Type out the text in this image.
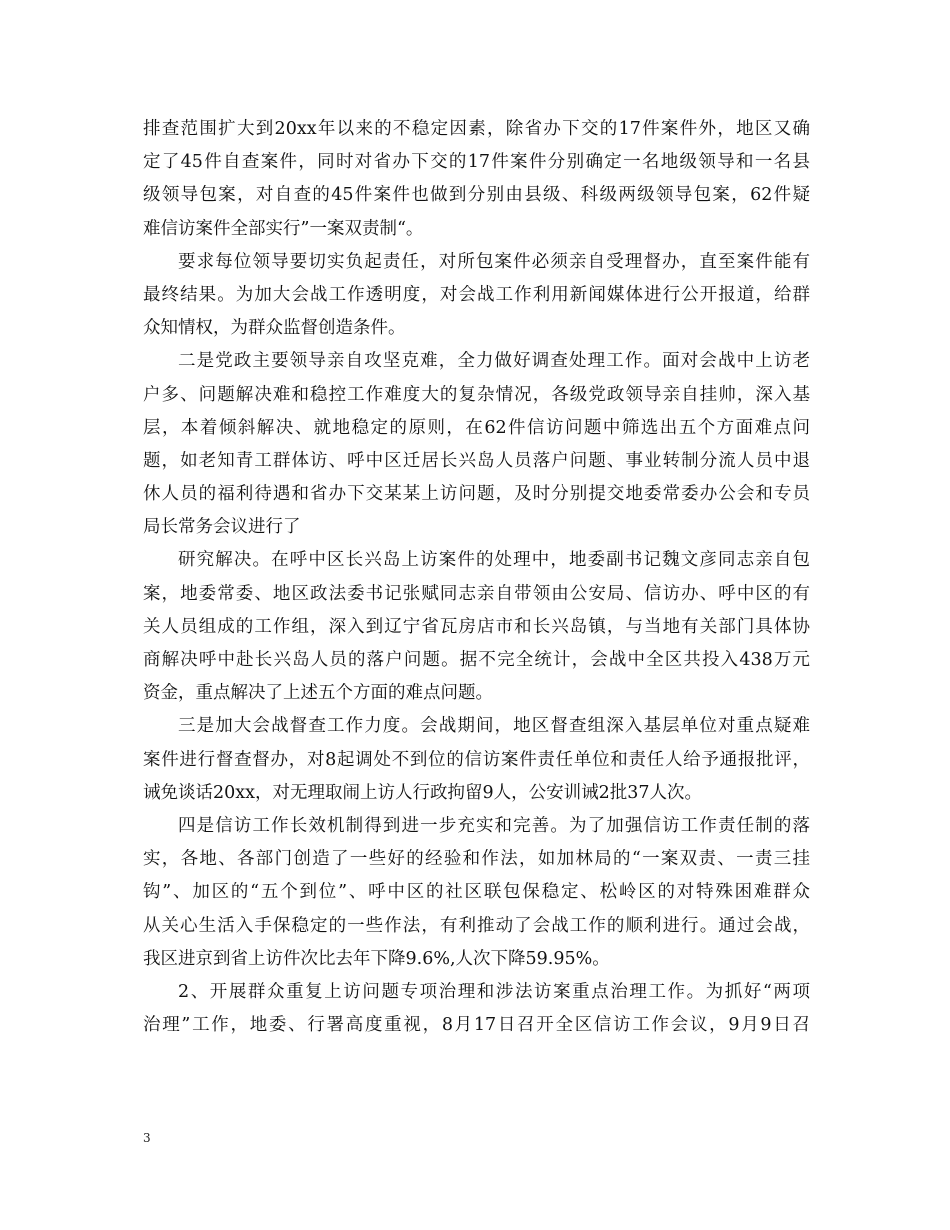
排查范围扩大到20xx年以来的不稳定因素，除省办下交的17件案件外，地区又确
定了45件自查案件，同时对省办下交的17件案件分别确定一名地级领导和一名县
级领导包案，对自查的45件案件也做到分别由县级、科级两级领导包案，62件疑
难信访案件全部实行”一案双责制“。
要求每位领导要切实负起责任，对所包案件必须亲自受理督办，直至案件能有
最终结果。为加大会战工作透明度，对会战工作利用新闻媒体进行公开报道，给群
众知情权，为群众监督创造条件。
二是党政主要领导亲自攻坚克难，全力做好调查处理工作。面对会战中上访老
户多、问题解决难和稳控工作难度大的复杂情况，各级党政领导亲自挂帅，深入基
层，本着倾斜解决、就地稳定的原则，在62件信访问题中筛选出五个方面难点问
题，如老知青工群体访、呼中区迁居长兴岛人员落户问题、事业转制分流人员中退
休人员的福利待遇和省办下交某某上访问题，及时分别提交地委常委办公会和专员
局长常务会议进行了
研究解决。在呼中区长兴岛上访案件的处理中，地委副书记魏文彦同志亲自包
案，地委常委、地区政法委书记张赋同志亲自带领由公安局、信访办、呼中区的有
关人员组成的工作组，深入到辽宁省瓦房店市和长兴岛镇，与当地有关部门具体协
商解决呼中赴长兴岛人员的落户问题。据不完全统计，会战中全区共投入438万元
资金，重点解决了上述五个方面的难点问题。
三是加大会战督查工作力度。会战期间，地区督查组深入基层单位对重点疑难
案件进行督查督办，对8起调处不到位的信访案件责任单位和责任人给予通报批评，
诫免谈话20xx，对无理取闹上访人行政拘留9人，公安训诫2批37人次。
四是信访工作长效机制得到进一步充实和完善。为了加强信访工作责任制的落
实，各地、各部门创造了一些好的经验和作法，如加林局的“一案双责、一责三挂
钩”、加区的“五个到位”、呼中区的社区联包保稳定、松岭区的对特殊困难群众
从关心生活入手保稳定的一些作法，有利推动了会战工作的顺利进行。通过会战，
我区进京到省上访件次比去年下降9.6%,人次下降59.95%。
2、开展群众重复上访问题专项治理和涉法访案重点治理工作。为抓好“两项
治理”工作，地委、行署高度重视，8月17日召开全区信访工作会议，9月9日召
3
